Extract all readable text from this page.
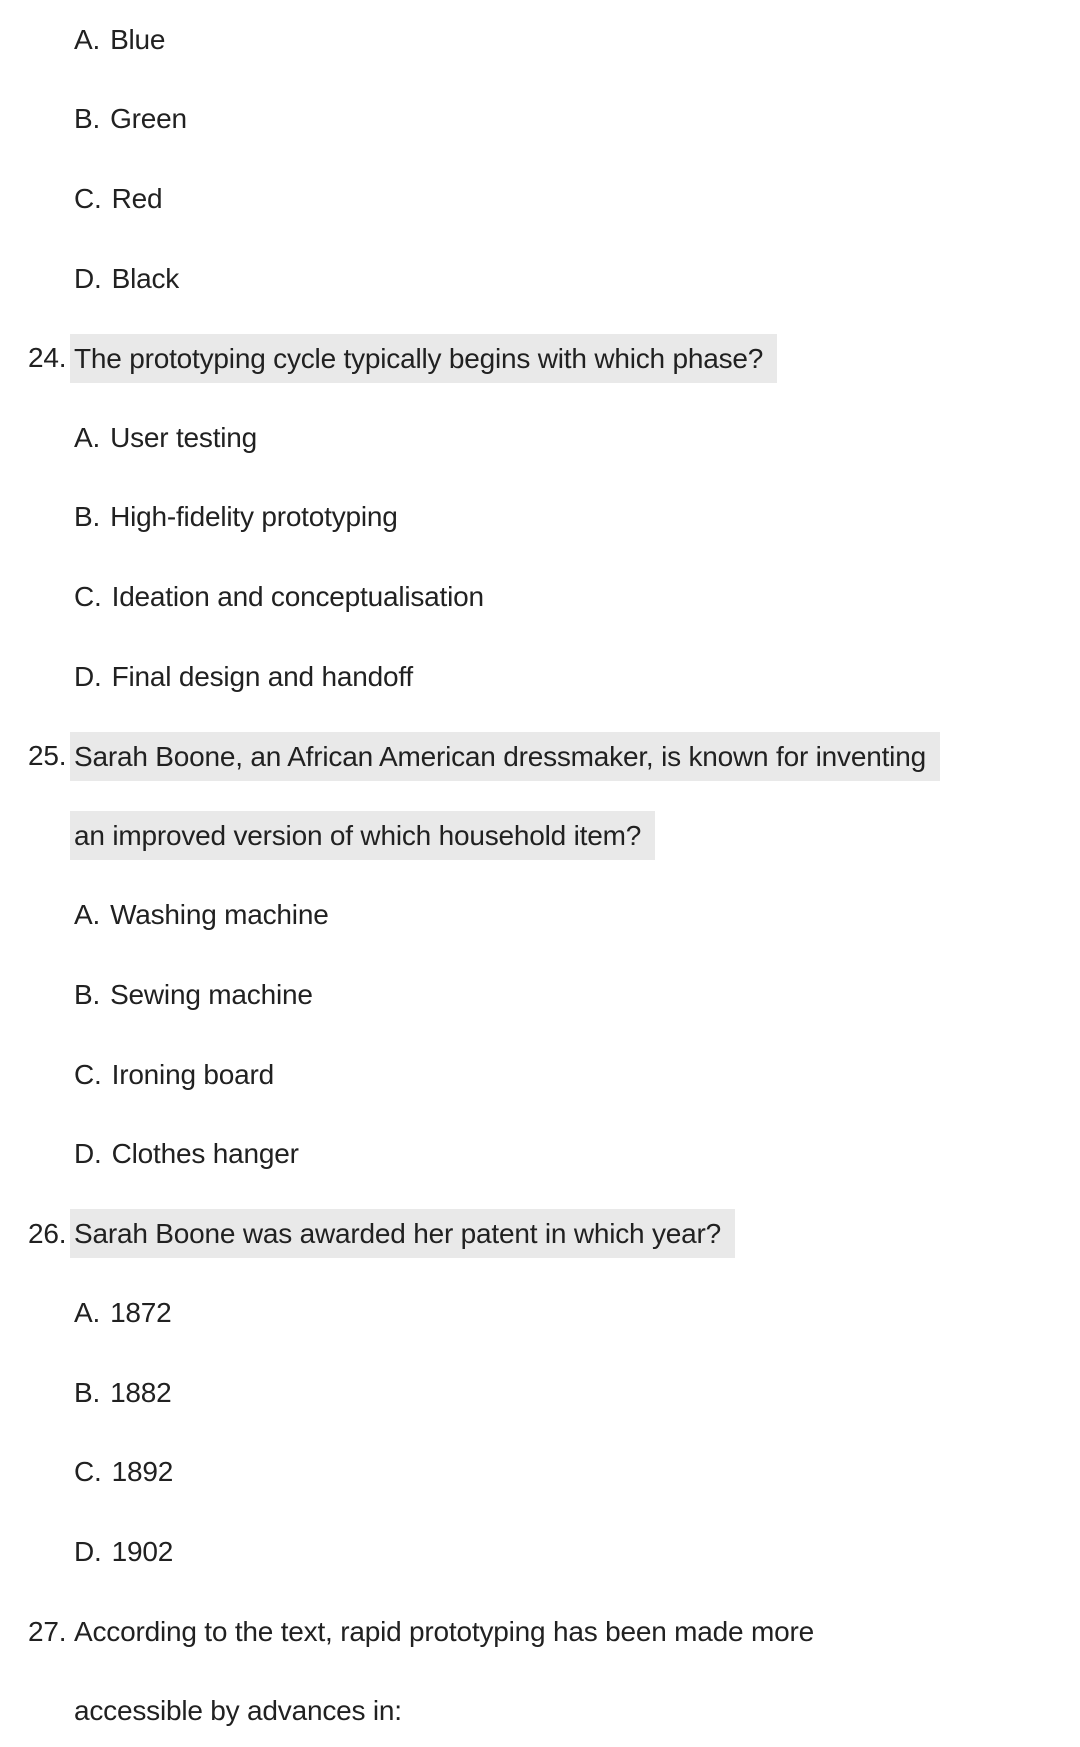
A. Blue
B. Green
C. Red
D. Black
24. The prototyping cycle typically begins with which phase?
A. User testing
B. High-fidelity prototyping
C. Ideation and conceptualisation
D. Final design and handoff
25. Sarah Boone, an African American dressmaker, is known for inventing
an improved version of which household item?
A. Washing machine
B. Sewing machine
C. Ironing board
D. Clothes hanger
26. Sarah Boone was awarded her patent in which year?
A. 1872
B. 1882
C. 1892
D. 1902
27. According to the text, rapid prototyping has been made more
accessible by advances in:
